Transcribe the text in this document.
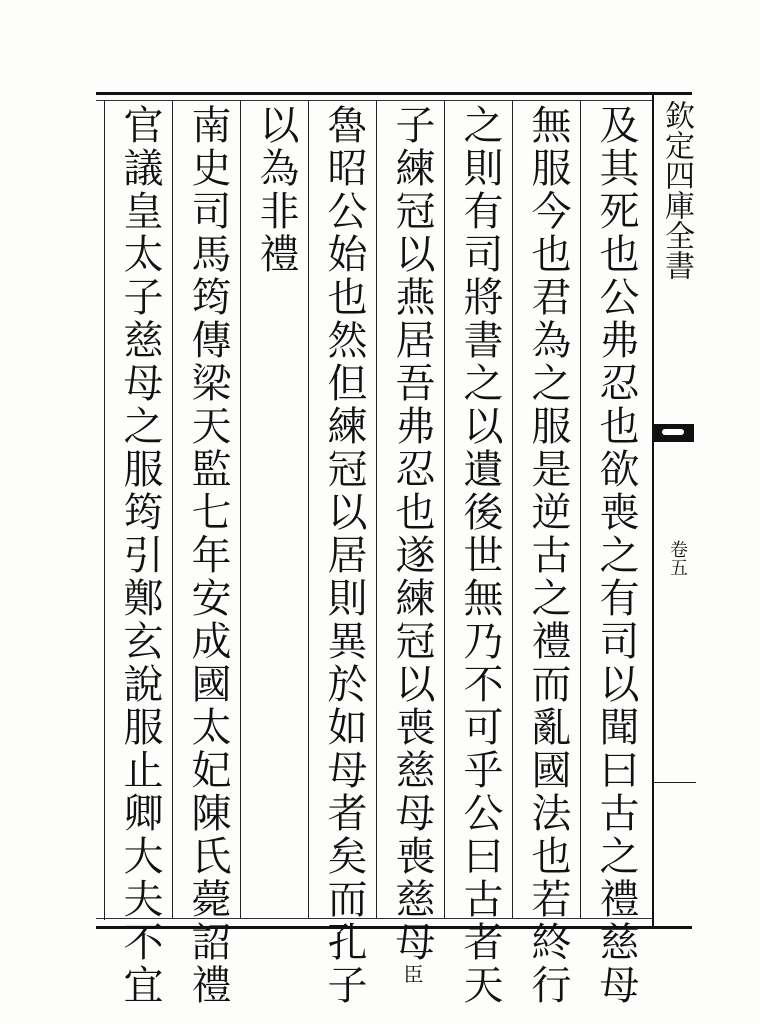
欽定四庫全書
卷五
及其死也公弗忍也欲喪之有司以聞曰古之禮慈母
無服今也君為之服是逆古之禮而亂國法也若終行
之則有司將書之以遺後世無乃不可乎公曰古者天
子練冠以燕居吾弗忍也遂練冠以喪慈母喪慈母臣
魯昭公始也然但練冠以居則異於如母者矣而孔子
以為非禮
南史司馬筠傳梁天監七年安成國太妃陳氏薨詔禮
官議皇太子慈母之服筠引鄭玄說服止卿大夫不宜
